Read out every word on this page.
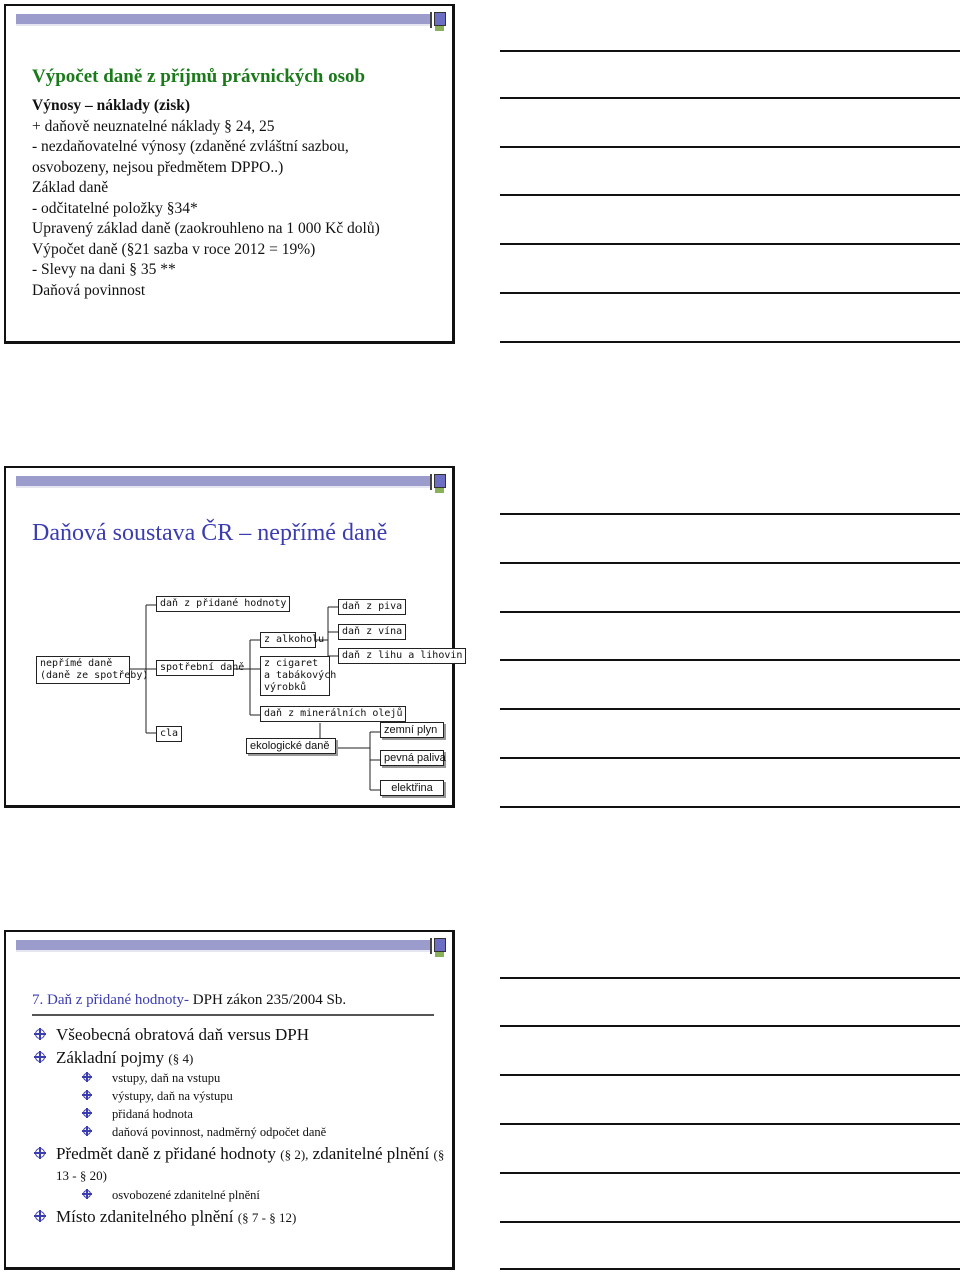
Výpočet daně z příjmů právnických osob
Výnosy – náklady (zisk)
+ daňově neuznatelné náklady § 24, 25
- nezdaňovatelné výnosy (zdaněné zvláštní sazbou,
osvobozeny, nejsou předmětem DPPO..)
Základ daně
- odčitatelné položky §34*
Upravený základ daně (zaokrouhleno na 1 000 Kč dolů)
Výpočet daně (§21 sazba v roce 2012 = 19%)
- Slevy na dani § 35 **
Daňová povinnost
Daňová soustava ČR – nepřímé daně
daň z přidané hodnoty
nepřímé daně
(daně ze spotřeby)
spotřební daně
cla
z alkoholu
z cigaret
a tabákových
výrobků
daň z minerálních olejů
daň z piva
daň z vína
daň z lihu a lihovin
ekologické daně
zemní plyn
pevná paliva
elektřina
7. Daň z přidané hodnoty- DPH zákon 235/2004 Sb.
Všeobecná obratová daň versus DPH
Základní pojmy (§ 4)
vstupy, daň na vstupu
výstupy, daň na výstupu
přidaná hodnota
daňová povinnost, nadměrný odpočet daně
Předmět daně z přidané hodnoty (§ 2), zdanitelné plnění (§ 13 - § 20)
osvobozené zdanitelné plnění
Místo zdanitelného plnění (§ 7 - § 12)
